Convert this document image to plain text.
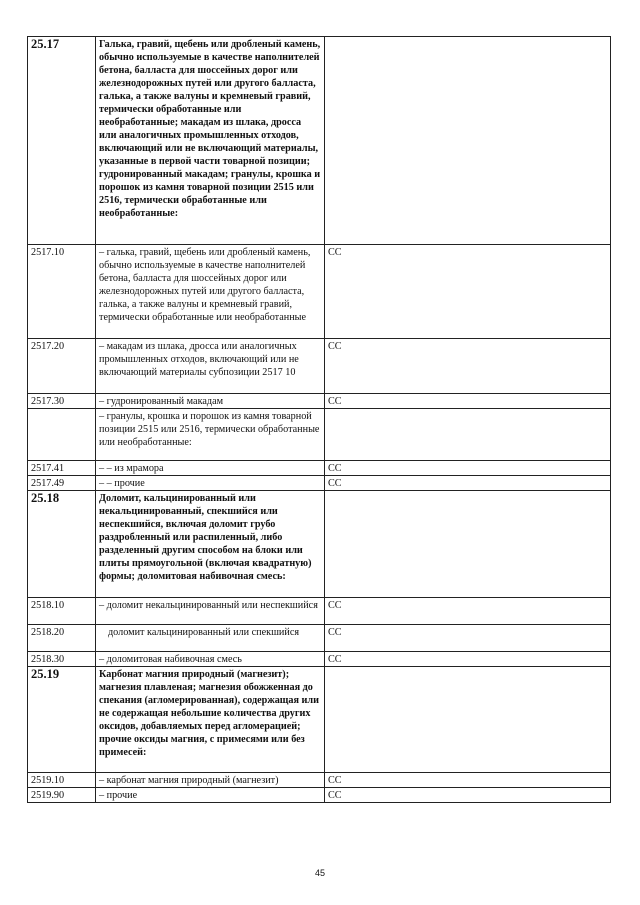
25.17	Галька, гравий, щебень или дробленый камень, обычно используемые в качестве наполнителей бетона, балласта для шоссейных дорог или железнодорожных путей или другого балласта, галька, а также валуны и кремневый гравий, термически обработанные или необработанные; макадам из шлака, дросса или аналогичных промышленных отходов, включающий или не включающий материалы, указанные в первой части товарной позиции; гудронированный макадам; гранулы, крошка и порошок из камня товарной позиции 2515 или 2516, термически обработанные или необработанные:	
2517.10	– галька, гравий, щебень или дробленый камень, обычно используемые в качестве наполнителей бетона, балласта для шоссейных дорог или железнодорожных путей или другого балласта, галька, а также валуны и кремневый гравий, термически обработанные или необработанные	СС
2517.20	– макадам из шлака, дросса или аналогичных промышленных отходов, включающий или не включающий материалы субпозиции 2517 10	СС
2517.30	– гудронированный макадам	СС
	– гранулы, крошка и порошок из камня товарной позиции 2515 или 2516, термически обработанные или необработанные:	
2517.41	– – из мрамора	СС
2517.49	– – прочие	СС
25.18	Доломит, кальцинированный или некальцинированный, спекшийся или неспекшийся, включая доломит грубо раздробленный или распиленный, либо разделенный другим способом на блоки или плиты прямоугольной (включая квадратную) формы; доломитовая набивочная смесь:	
2518.10	– доломит некальцинированный или неспекшийся	СС
2518.20	доломит кальцинированный или спекшийся	СС
2518.30	– доломитовая набивочная смесь	СС
25.19	Карбонат магния природный (магнезит); магнезия плавленая; магнезия обожженная до спекания (агломерированная), содержащая или не содержащая небольшие количества других оксидов, добавляемых перед агломерацией; прочие оксиды магния, с примесями или без примесей:	
2519.10	– карбонат магния природный (магнезит)	СС
2519.90	– прочие	СС
45
